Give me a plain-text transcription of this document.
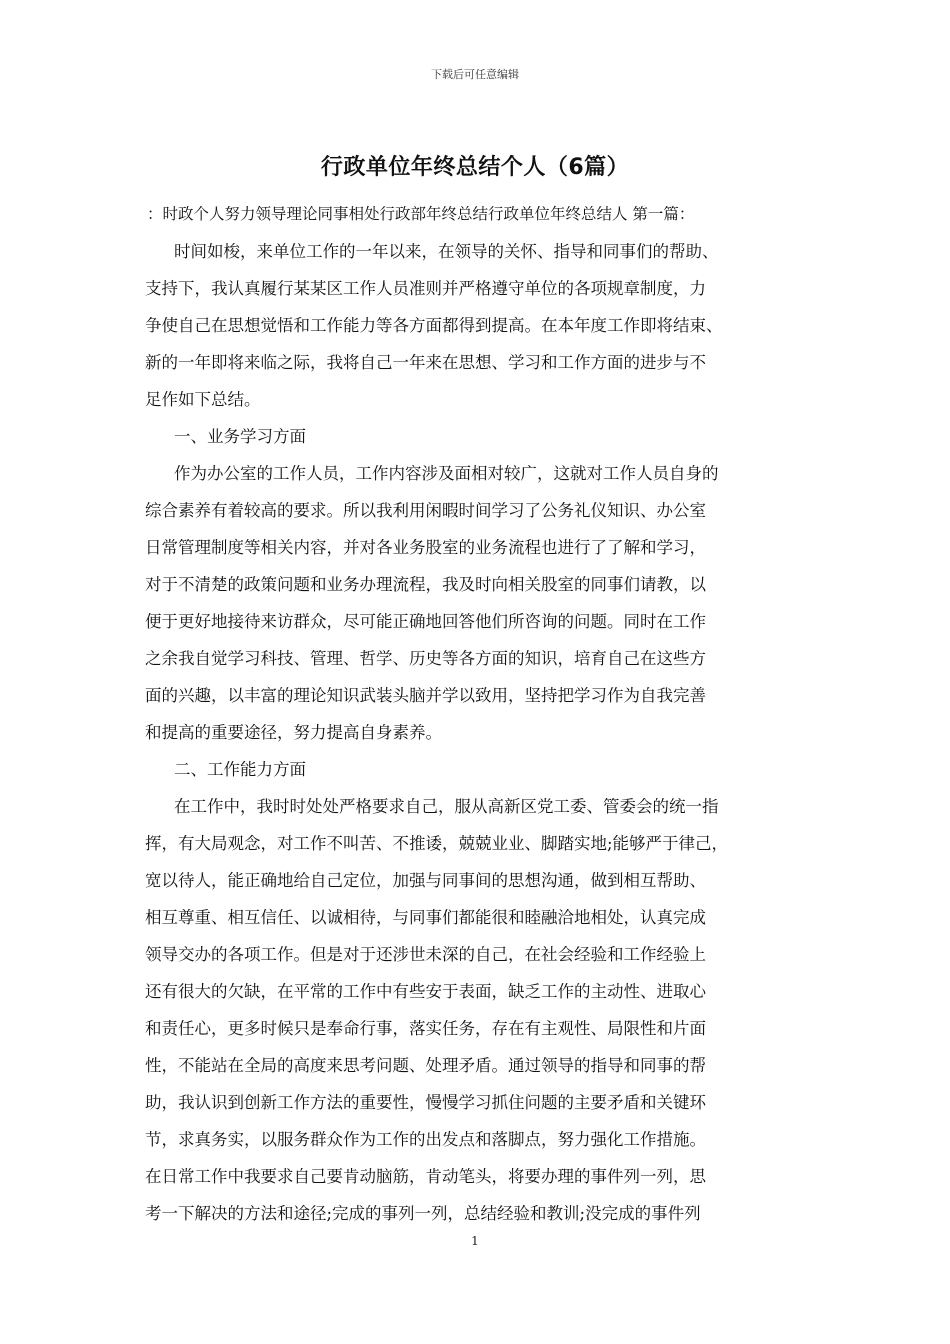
下载后可任意编辑
行政单位年终总结个人（6篇）
：时政个人努力领导理论同事相处行政部年终总结行政单位年终总结人 第一篇：
时间如梭，来单位工作的一年以来，在领导的关怀、指导和同事们的帮助、
支持下，我认真履行某某区工作人员准则并严格遵守单位的各项规章制度，力
争使自己在思想觉悟和工作能力等各方面都得到提高。在本年度工作即将结束、
新的一年即将来临之际，我将自己一年来在思想、学习和工作方面的进步与不
足作如下总结。
一、业务学习方面
作为办公室的工作人员，工作内容涉及面相对较广，这就对工作人员自身的
综合素养有着较高的要求。所以我利用闲暇时间学习了公务礼仪知识、办公室
日常管理制度等相关内容，并对各业务股室的业务流程也进行了了解和学习，
对于不清楚的政策问题和业务办理流程，我及时向相关股室的同事们请教，以
便于更好地接待来访群众，尽可能正确地回答他们所咨询的问题。同时在工作
之余我自觉学习科技、管理、哲学、历史等各方面的知识，培育自己在这些方
面的兴趣，以丰富的理论知识武装头脑并学以致用，坚持把学习作为自我完善
和提高的重要途径，努力提高自身素养。
二、工作能力方面
在工作中，我时时处处严格要求自己，服从高新区党工委、管委会的统一指
挥，有大局观念，对工作不叫苦、不推诿，兢兢业业、脚踏实地;能够严于律己，
宽以待人，能正确地给自己定位，加强与同事间的思想沟通，做到相互帮助、
相互尊重、相互信任、以诚相待，与同事们都能很和睦融洽地相处，认真完成
领导交办的各项工作。但是对于还涉世未深的自己，在社会经验和工作经验上
还有很大的欠缺，在平常的工作中有些安于表面，缺乏工作的主动性、进取心
和责任心，更多时候只是奉命行事，落实任务，存在有主观性、局限性和片面
性，不能站在全局的高度来思考问题、处理矛盾。通过领导的指导和同事的帮
助，我认识到创新工作方法的重要性，慢慢学习抓住问题的主要矛盾和关键环
节，求真务实，以服务群众作为工作的出发点和落脚点，努力强化工作措施。
在日常工作中我要求自己要肯动脑筋，肯动笔头，将要办理的事件列一列，思
考一下解决的方法和途径;完成的事列一列，总结经验和教训;没完成的事件列
1
